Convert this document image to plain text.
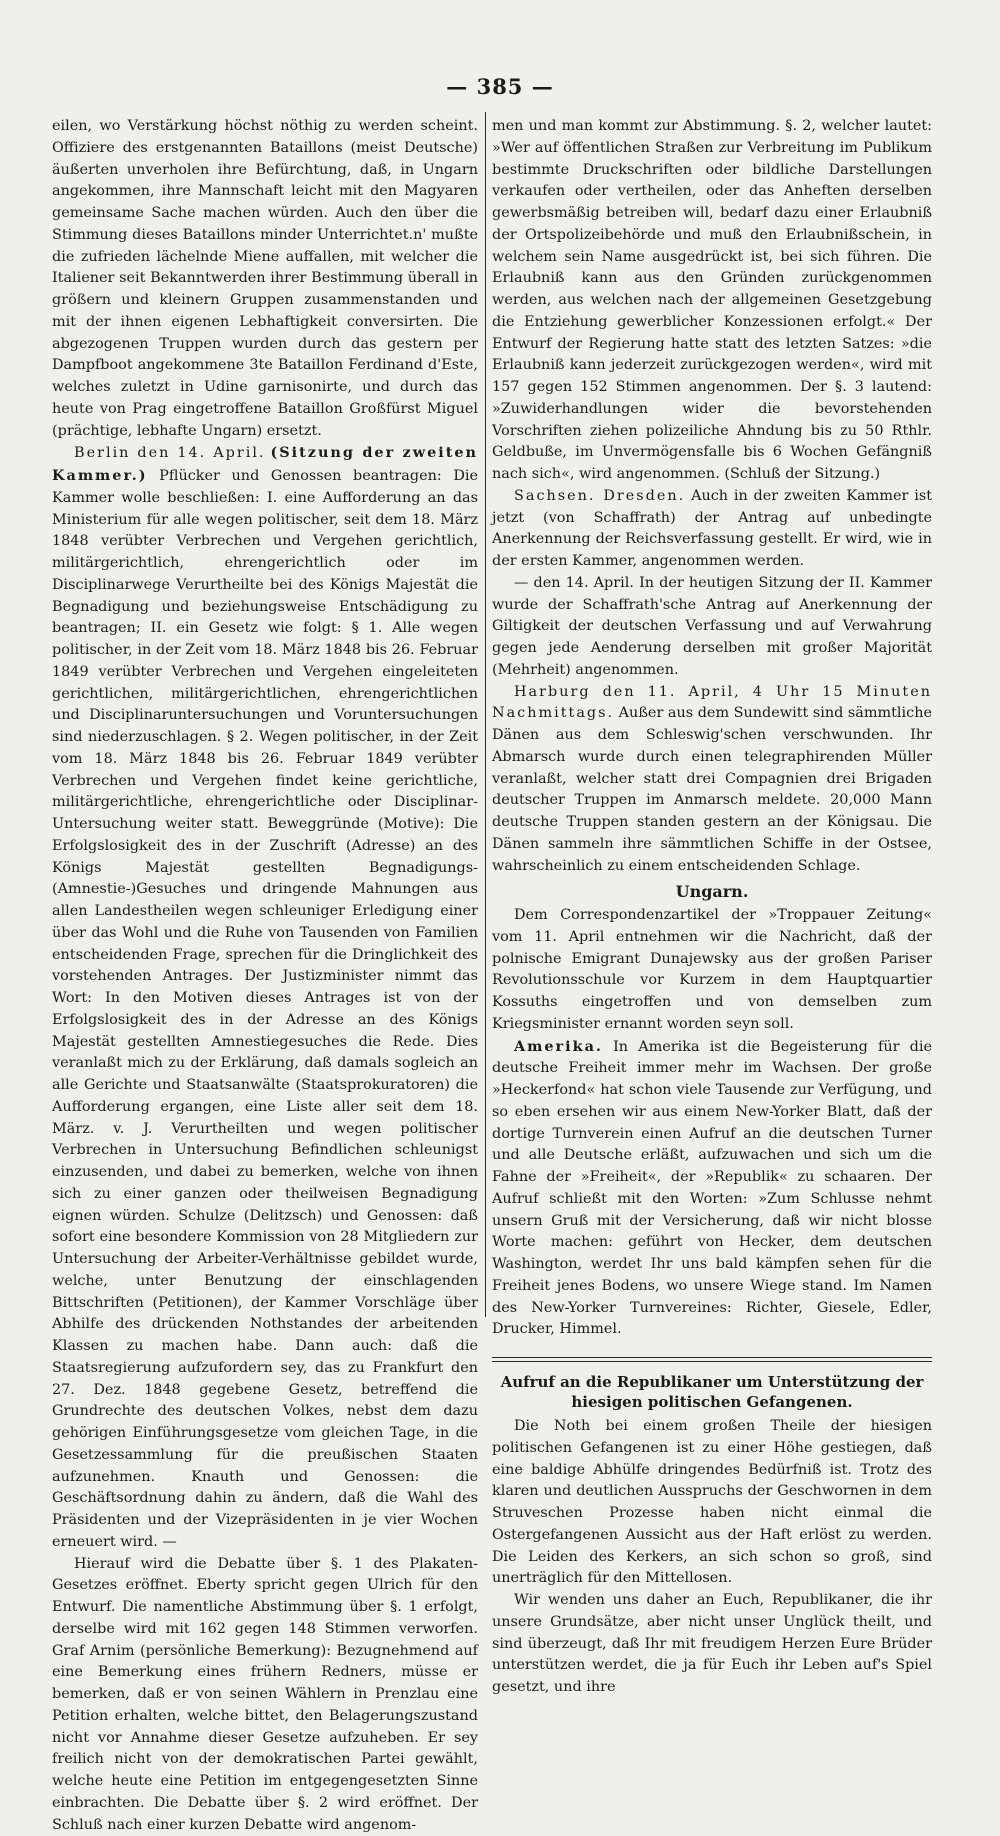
— 385 —

eilen, wo Verstärkung höchst nöthig zu werden scheint. Offiziere des erstgenannten Bataillons (meist Deutsche) äußerten unverholen ihre Befürchtung, daß, in Ungarn angekommen, ihre Mannschaft leicht mit den Magyaren gemeinsame Sache machen würden. Auch den über die Stimmung dieses Bataillons minder Unterrichtet.n' mußte die zufrieden lächelnde Miene auffallen, mit welcher die Italiener seit Bekanntwerden ihrer Bestimmung überall in größern und kleinern Gruppen zusammenstanden und mit der ihnen eigenen Lebhaftigkeit conversirten. Die abgezogenen Truppen wurden durch das gestern per Dampfboot angekommene 3te Bataillon Ferdinand d'Este, welches zuletzt in Udine garnisonirte, und durch das heute von Prag eingetroffene Bataillon Großfürst Miguel (prächtige, lebhafte Ungarn) ersetzt.

Berlin den 14. April. (Sitzung der zweiten Kammer.) Pflücker und Genossen beantragen: Die Kammer wolle beschließen: I. eine Aufforderung an das Ministerium für alle wegen politischer, seit dem 18. März 1848 verübter Verbrechen und Vergehen gerichtlich, militärgerichtlich, ehrengerichtlich oder im Disciplinarwege Verurtheilte bei des Königs Majestät die Begnadigung und beziehungsweise Entschädigung zu beantragen; II. ein Gesetz wie folgt: § 1. Alle wegen politischer, in der Zeit vom 18. März 1848 bis 26. Februar 1849 verübter Verbrechen und Vergehen eingeleiteten gerichtlichen, militärgerichtlichen, ehrengerichtlichen und Disciplinaruntersuchungen und Voruntersuchungen sind niederzuschlagen. § 2. Wegen politischer, in der Zeit vom 18. März 1848 bis 26. Februar 1849 verübter Verbrechen und Vergehen findet keine gerichtliche, militärgerichtliche, ehrengerichtliche oder Disciplinar-Untersuchung weiter statt. Beweggründe (Motive): Die Erfolgslosigkeit des in der Zuschrift (Adresse) an des Königs Majestät gestellten Begnadigungs-(Amnestie-)Gesuches und dringende Mahnungen aus allen Landestheilen wegen schleuniger Erledigung einer über das Wohl und die Ruhe von Tausenden von Familien entscheidenden Frage, sprechen für die Dringlichkeit des vorstehenden Antrages. Der Justizminister nimmt das Wort: In den Motiven dieses Antrages ist von der Erfolgslosigkeit des in der Adresse an des Königs Majestät gestellten Amnestiegesuches die Rede. Dies veranlaßt mich zu der Erklärung, daß damals sogleich an alle Gerichte und Staatsanwälte (Staatsprokuratoren) die Aufforderung ergangen, eine Liste aller seit dem 18. März. v. J. Verurtheilten und wegen politischer Verbrechen in Untersuchung Befindlichen schleunigst einzusenden, und dabei zu bemerken, welche von ihnen sich zu einer ganzen oder theilweisen Begnadigung eignen würden. Schulze (Delitzsch) und Genossen: daß sofort eine besondere Kommission von 28 Mitgliedern zur Untersuchung der Arbeiter-Verhältnisse gebildet wurde, welche, unter Benutzung der einschlagenden Bittschriften (Petitionen), der Kammer Vorschläge über Abhilfe des drückenden Nothstandes der arbeitenden Klassen zu machen habe. Dann auch: daß die Staatsregierung aufzufordern sey, das zu Frankfurt den 27. Dez. 1848 gegebene Gesetz, betreffend die Grundrechte des deutschen Volkes, nebst dem dazu gehörigen Einführungsgesetze vom gleichen Tage, in die Gesetzessammlung für die preußischen Staaten aufzunehmen. Knauth und Genossen: die Geschäftsordnung dahin zu ändern, daß die Wahl des Präsidenten und der Vizepräsidenten in je vier Wochen erneuert wird. —

Hierauf wird die Debatte über §. 1 des Plakaten-Gesetzes eröffnet. Eberty spricht gegen Ulrich für den Entwurf. Die namentliche Abstimmung über §. 1 erfolgt, derselbe wird mit 162 gegen 148 Stimmen verworfen. Graf Arnim (persönliche Bemerkung): Bezugnehmend auf eine Bemerkung eines frühern Redners, müsse er bemerken, daß er von seinen Wählern in Prenzlau eine Petition erhalten, welche bittet, den Belagerungszustand nicht vor Annahme dieser Gesetze aufzuheben. Er sey freilich nicht von der demokratischen Partei gewählt, welche heute eine Petition im entgegengesetzten Sinne einbrachten. Die Debatte über §. 2 wird eröffnet. Der Schluß nach einer kurzen Debatte wird angenom-

men und man kommt zur Abstimmung. §. 2, welcher lautet: »Wer auf öffentlichen Straßen zur Verbreitung im Publikum bestimmte Druckschriften oder bildliche Darstellungen verkaufen oder vertheilen, oder das Anheften derselben gewerbsmäßig betreiben will, bedarf dazu einer Erlaubniß der Ortspolizeibehörde und muß den Erlaubnißschein, in welchem sein Name ausgedrückt ist, bei sich führen. Die Erlaubniß kann aus den Gründen zurückgenommen werden, aus welchen nach der allgemeinen Gesetzgebung die Entziehung gewerblicher Konzessionen erfolgt.« Der Entwurf der Regierung hatte statt des letzten Satzes: »die Erlaubniß kann jederzeit zurückgezogen werden«, wird mit 157 gegen 152 Stimmen angenommen. Der §. 3 lautend: »Zuwiderhandlungen wider die bevorstehenden Vorschriften ziehen polizeiliche Ahndung bis zu 50 Rthlr. Geldbuße, im Unvermögensfalle bis 6 Wochen Gefängniß nach sich«, wird angenommen. (Schluß der Sitzung.)

Sachsen. Dresden. Auch in der zweiten Kammer ist jetzt (von Schaffrath) der Antrag auf unbedingte Anerkennung der Reichsverfassung gestellt. Er wird, wie in der ersten Kammer, angenommen werden.

— den 14. April. In der heutigen Sitzung der II. Kammer wurde der Schaffrath'sche Antrag auf Anerkennung der Giltigkeit der deutschen Verfassung und auf Verwahrung gegen jede Aenderung derselben mit großer Majorität (Mehrheit) angenommen.

Harburg den 11. April, 4 Uhr 15 Minuten Nachmittags. Außer aus dem Sundewitt sind sämmtliche Dänen aus dem Schleswig'schen verschwunden. Ihr Abmarsch wurde durch einen telegraphirenden Müller veranlaßt, welcher statt drei Compagnien drei Brigaden deutscher Truppen im Anmarsch meldete. 20,000 Mann deutsche Truppen standen gestern an der Königsau. Die Dänen sammeln ihre sämmtlichen Schiffe in der Ostsee, wahrscheinlich zu einem entscheidenden Schlage.

Ungarn.

Dem Correspondenzartikel der »Troppauer Zeitung« vom 11. April entnehmen wir die Nachricht, daß der polnische Emigrant Dunajewsky aus der großen Pariser Revolutionsschule vor Kurzem in dem Hauptquartier Kossuths eingetroffen und von demselben zum Kriegsminister ernannt worden seyn soll.

Amerika. In Amerika ist die Begeisterung für die deutsche Freiheit immer mehr im Wachsen. Der große »Heckerfond« hat schon viele Tausende zur Verfügung, und so eben ersehen wir aus einem New-Yorker Blatt, daß der dortige Turnverein einen Aufruf an die deutschen Turner und alle Deutsche erläßt, aufzuwachen und sich um die Fahne der »Freiheit«, der »Republik« zu schaaren. Der Aufruf schließt mit den Worten: »Zum Schlusse nehmt unsern Gruß mit der Versicherung, daß wir nicht blosse Worte machen: geführt von Hecker, dem deutschen Washington, werdet Ihr uns bald kämpfen sehen für die Freiheit jenes Bodens, wo unsere Wiege stand. Im Namen des New-Yorker Turnvereines: Richter, Giesele, Edler, Drucker, Himmel.

Aufruf an die Republikaner um Unterstützung der hiesigen politischen Gefangenen.

Die Noth bei einem großen Theile der hiesigen politischen Gefangenen ist zu einer Höhe gestiegen, daß eine baldige Abhülfe dringendes Bedürfniß ist. Trotz des klaren und deutlichen Ausspruchs der Geschwornen in dem Struveschen Prozesse haben nicht einmal die Ostergefangenen Aussicht aus der Haft erlöst zu werden. Die Leiden des Kerkers, an sich schon so groß, sind unerträglich für den Mittellosen.

Wir wenden uns daher an Euch, Republikaner, die ihr unsere Grundsätze, aber nicht unser Unglück theilt, und sind überzeugt, daß Ihr mit freudigem Herzen Eure Brüder unterstützen werdet, die ja für Euch ihr Leben auf's Spiel gesetzt, und ihre
